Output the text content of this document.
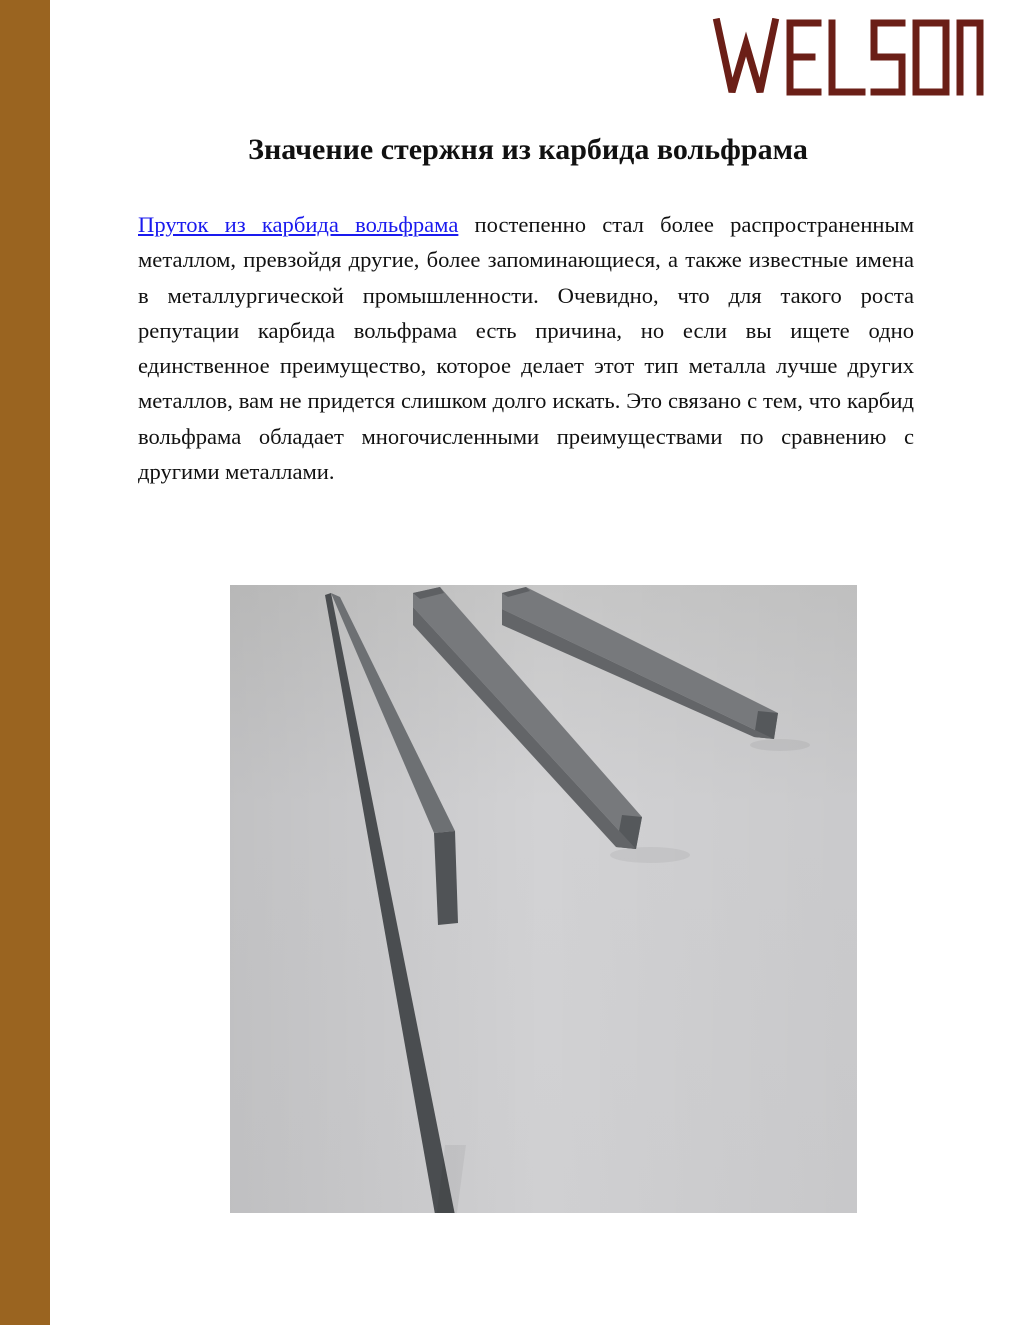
Значение стержня из карбида вольфрама

Пруток из карбида вольфрама постепенно стал более распространенным металлом, превзойдя другие, более запоминающиеся, а также известные имена в металлургической промышленности. Очевидно, что для такого роста репутации карбида вольфрама есть причина, но если вы ищете одно единственное преимущество, которое делает этот тип металла лучше других металлов, вам не придется слишком долго искать. Это связано с тем, что карбид вольфрама обладает многочисленными преимуществами по сравнению с другими металлами.
